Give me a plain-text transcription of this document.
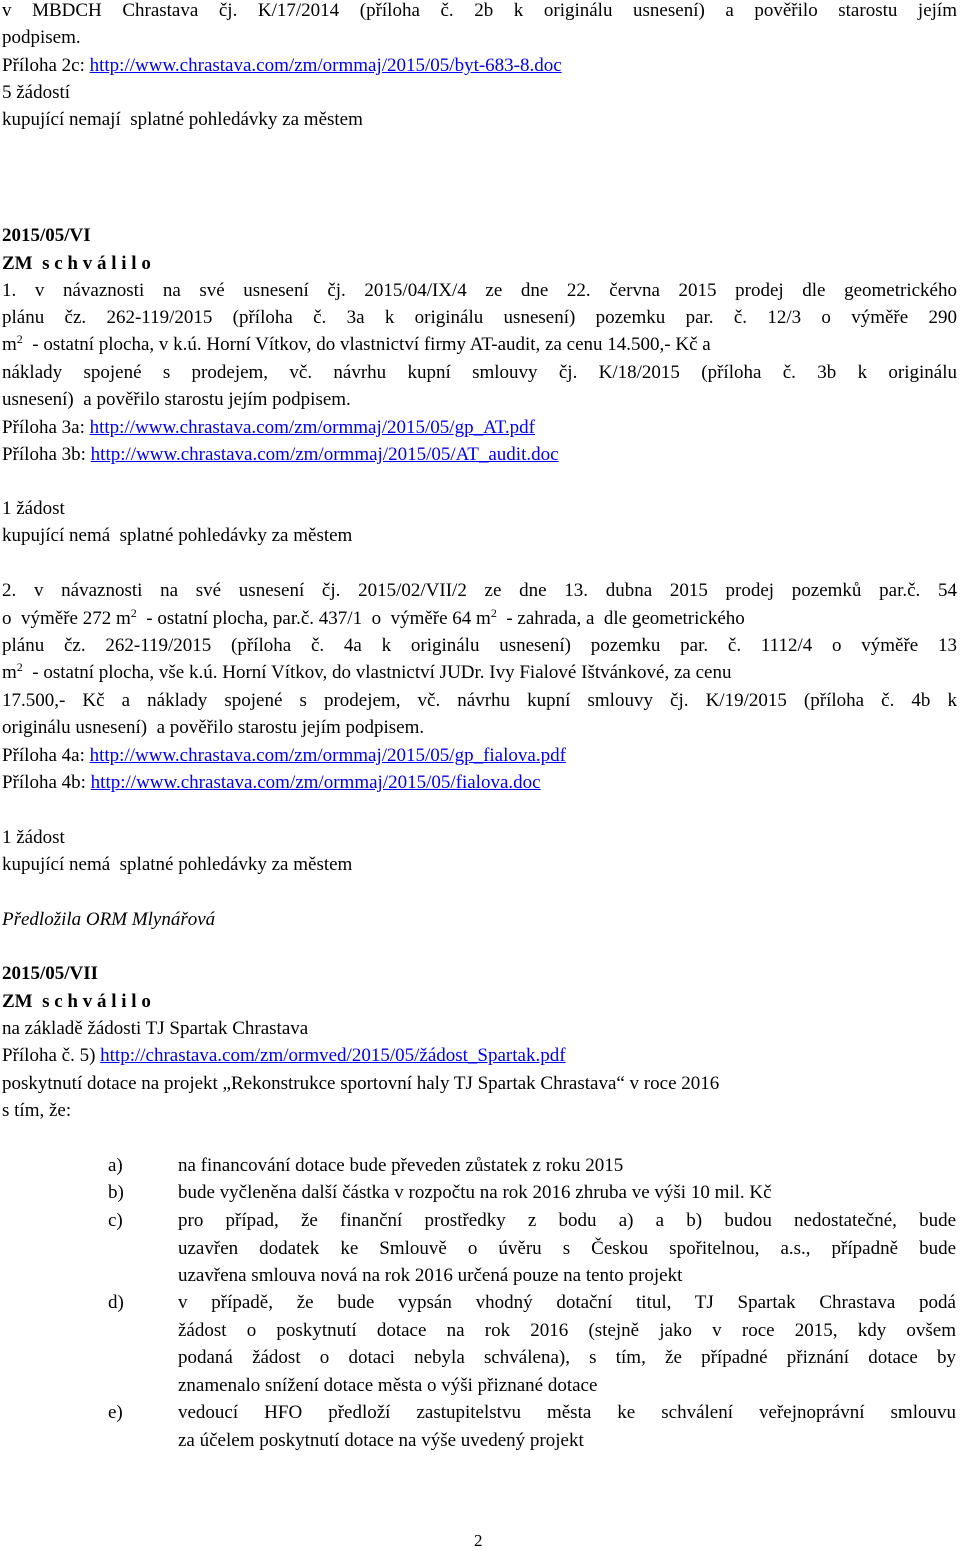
v MBDCH Chrastava čj. K/17/2014 (příloha č. 2b k originálu usnesení) a pověřilo starostu jejím
podpisem.
Příloha 2c: http://www.chrastava.com/zm/ormmaj/2015/05/byt-683-8.doc
5 žádostí
kupující nemají  splatné pohledávky za městem
2015/05/VI
ZM  s c h v á l i l o
1. v návaznosti na své usnesení čj. 2015/04/IX/4 ze dne 22. června 2015 prodej dle geometrického
plánu čz. 262-119/2015 (příloha č. 3a k originálu usnesení) pozemku par. č. 12/3 o výměře 290
$m^2$  - ostatní plocha, v k.ú. Horní Vítkov, do vlastnictví firmy AT-audit, za cenu 14.500,- Kč a
náklady spojené s prodejem, vč. návrhu kupní smlouvy čj. K/18/2015 (příloha č. 3b k originálu
usnesení)  a pověřilo starostu jejím podpisem.
Příloha 3a: http://www.chrastava.com/zm/ormmaj/2015/05/gp_AT.pdf
Příloha 3b: http://www.chrastava.com/zm/ormmaj/2015/05/AT_audit.doc
1 žádost
kupující nemá  splatné pohledávky za městem
2. v návaznosti na své usnesení čj. 2015/02/VII/2 ze dne 13. dubna 2015 prodej pozemků par.č. 54
o  výměře 272 $m^2$  - ostatní plocha, par.č. 437/1  o  výměře 64 $m^2$  - zahrada, a  dle geometrického
plánu čz. 262-119/2015 (příloha č. 4a k originálu usnesení) pozemku par. č. 1112/4 o výměře 13
$m^2$  - ostatní plocha, vše k.ú. Horní Vítkov, do vlastnictví JUDr. Ivy Fialové Ištvánkové, za cenu
17.500,- Kč a náklady spojené s prodejem, vč. návrhu kupní smlouvy čj. K/19/2015 (příloha č. 4b k
originálu usnesení)  a pověřilo starostu jejím podpisem.
Příloha 4a: http://www.chrastava.com/zm/ormmaj/2015/05/gp_fialova.pdf
Příloha 4b: http://www.chrastava.com/zm/ormmaj/2015/05/fialova.doc
1 žádost
kupující nemá  splatné pohledávky za městem
Předložila ORM Mlynářová
2015/05/VII
ZM  s c h v á l i l o
na základě žádosti TJ Spartak Chrastava
Příloha č. 5) http://chrastava.com/zm/ormved/2015/05/žádost_Spartak.pdf
poskytnutí dotace na projekt „Rekonstrukce sportovní haly TJ Spartak Chrastava“ v roce 2016
s tím, že:
a)	na financování dotace bude převeden zůstatek z roku 2015
b)	bude vyčleněna další částka v rozpočtu na rok 2016 zhruba ve výši 10 mil. Kč
c)	pro případ, že finanční prostředky z bodu a) a b) budou nedostatečné, bude
uzavřen dodatek ke Smlouvě o úvěru s Českou spořitelnou, a.s., případně bude
uzavřena smlouva nová na rok 2016 určená pouze na tento projekt
d)	v případě, že bude vypsán vhodný dotační titul, TJ Spartak Chrastava podá
žádost o poskytnutí dotace na rok 2016 (stejně jako v roce 2015, kdy ovšem
podaná žádost o dotaci nebyla schválena), s tím, že případné přiznání dotace by
znamenalo snížení dotace města o výši přiznané dotace
e)	vedoucí HFO předloží zastupitelstvu města ke schválení veřejnoprávní smlouvu
za účelem poskytnutí dotace na výše uvedený projekt
2
